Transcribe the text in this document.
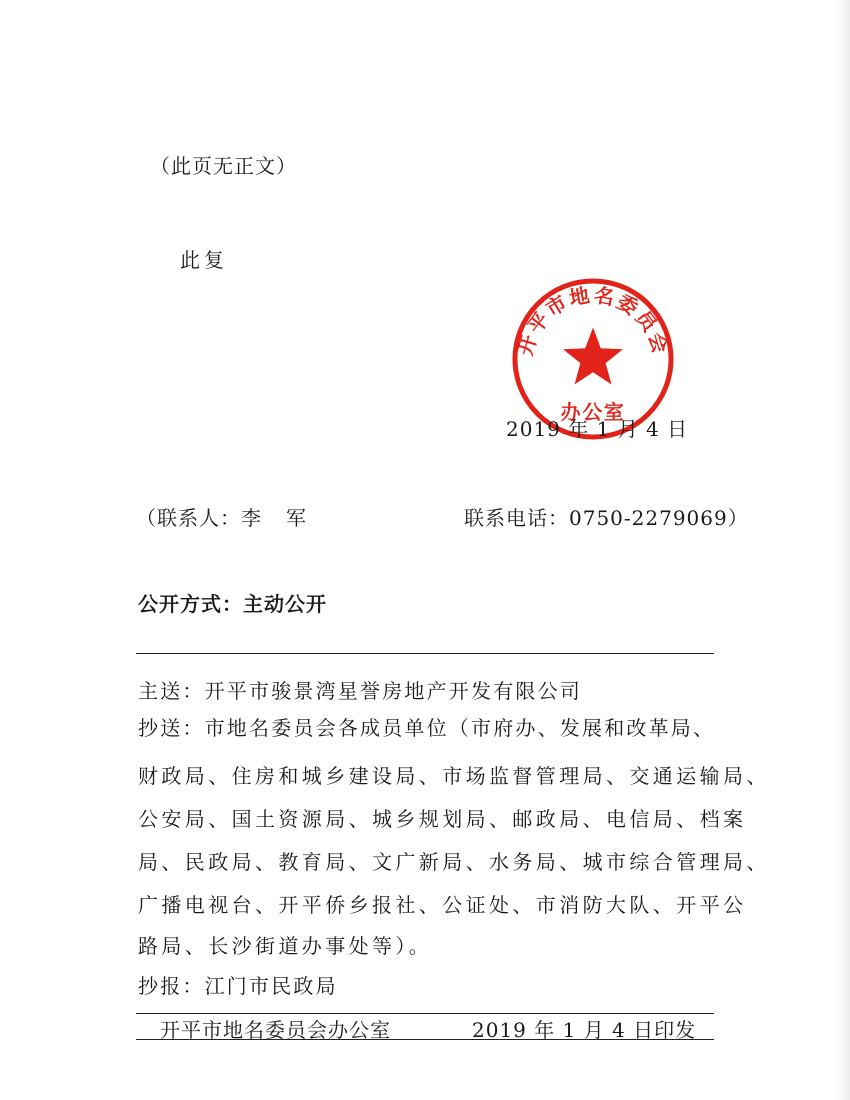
（此页无正文）
此复
开平市地名委员会
办公室
2019 年 1 月 4 日
（联系人：李 军	联系电话：0750-2279069）
公开方式：主动公开
主送：开平市骏景湾星誉房地产开发有限公司
抄送：市地名委员会各成员单位（市府办、发展和改革局、
财政局、住房和城乡建设局、市场监督管理局、交通运输局、
公安局、国土资源局、城乡规划局、邮政局、电信局、档案
局、民政局、教育局、文广新局、水务局、城市综合管理局、
广播电视台、开平侨乡报社、公证处、市消防大队、开平公
路局、长沙街道办事处等）。
抄报：江门市民政局
开平市地名委员会办公室	2019 年 1 月 4 日印发
